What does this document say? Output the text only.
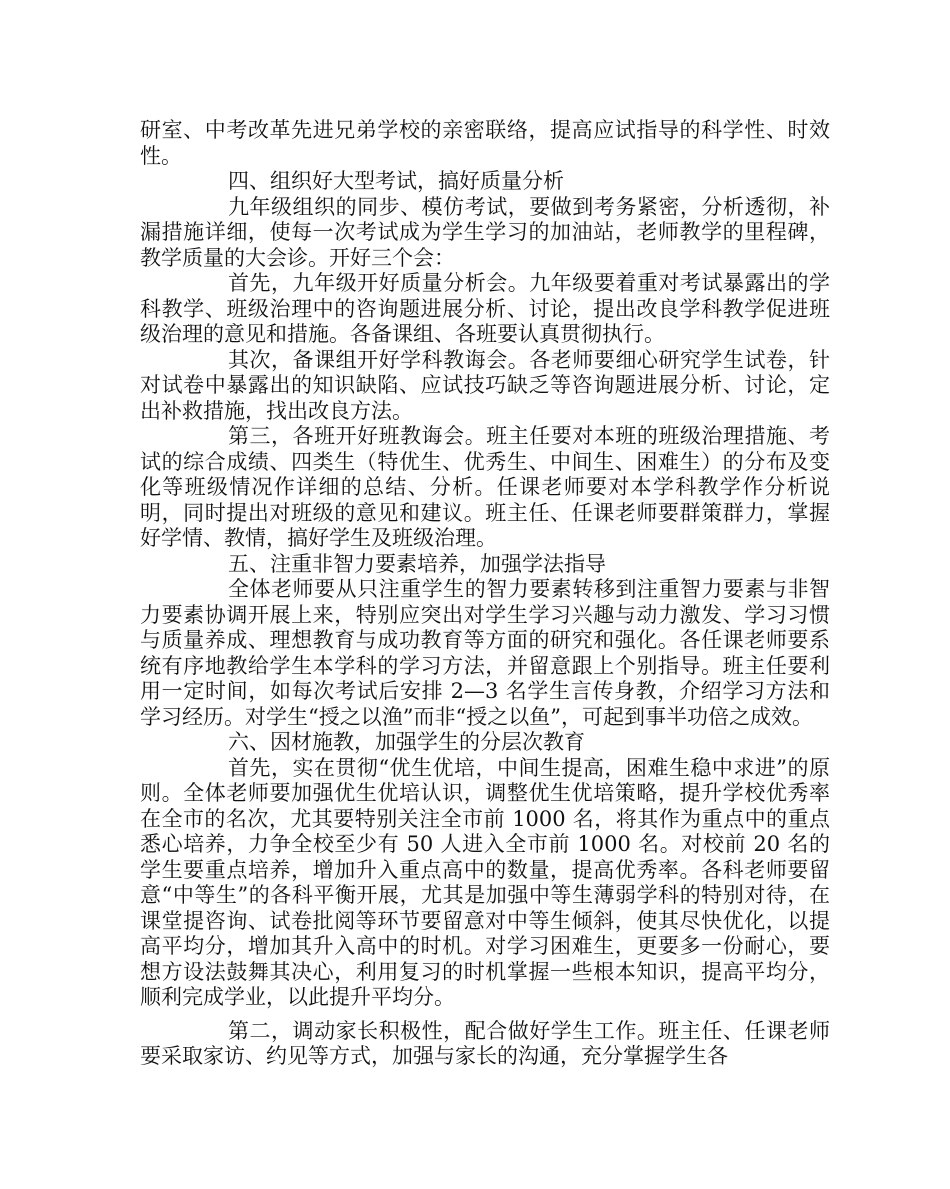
研室、中考改革先进兄弟学校的亲密联络，提高应试指导的科学性、时效性。

四、组织好大型考试，搞好质量分析

九年级组织的同步、模仿考试，要做到考务紧密，分析透彻，补漏措施详细，使每一次考试成为学生学习的加油站，老师教学的里程碑，教学质量的大会诊。开好三个会：

首先，九年级开好质量分析会。九年级要着重对考试暴露出的学科教学、班级治理中的咨询题进展分析、讨论，提出改良学科教学促进班级治理的意见和措施。各备课组、各班要认真贯彻执行。

其次，备课组开好学科教诲会。各老师要细心研究学生试卷，针对试卷中暴露出的知识缺陷、应试技巧缺乏等咨询题进展分析、讨论，定出补救措施，找出改良方法。

第三，各班开好班教诲会。班主任要对本班的班级治理措施、考试的综合成绩、四类生（特优生、优秀生、中间生、困难生）的分布及变化等班级情况作详细的总结、分析。任课老师要对本学科教学作分析说明，同时提出对班级的意见和建议。班主任、任课老师要群策群力，掌握好学情、教情，搞好学生及班级治理。

五、注重非智力要素培养，加强学法指导

全体老师要从只注重学生的智力要素转移到注重智力要素与非智力要素协调开展上来，特别应突出对学生学习兴趣与动力激发、学习习惯与质量养成、理想教育与成功教育等方面的研究和强化。各任课老师要系统有序地教给学生本学科的学习方法，并留意跟上个别指导。班主任要利用一定时间，如每次考试后安排 2—3 名学生言传身教，介绍学习方法和学习经历。对学生“授之以渔”而非“授之以鱼”，可起到事半功倍之成效。

六、因材施教，加强学生的分层次教育

首先，实在贯彻“优生优培，中间生提高，困难生稳中求进”的原则。全体老师要加强优生优培认识，调整优生优培策略，提升学校优秀率在全市的名次，尤其要特别关注全市前 1000 名，将其作为重点中的重点悉心培养，力争全校至少有 50 人进入全市前 1000 名。对校前 20 名的学生要重点培养，增加升入重点高中的数量，提高优秀率。各科老师要留意“中等生”的各科平衡开展，尤其是加强中等生薄弱学科的特别对待，在课堂提咨询、试卷批阅等环节要留意对中等生倾斜，使其尽快优化，以提高平均分，增加其升入高中的时机。对学习困难生，更要多一份耐心，要想方设法鼓舞其决心，利用复习的时机掌握一些根本知识，提高平均分，顺利完成学业，以此提升平均分。

第二，调动家长积极性，配合做好学生工作。班主任、任课老师要采取家访、约见等方式，加强与家长的沟通，充分掌握学生各
